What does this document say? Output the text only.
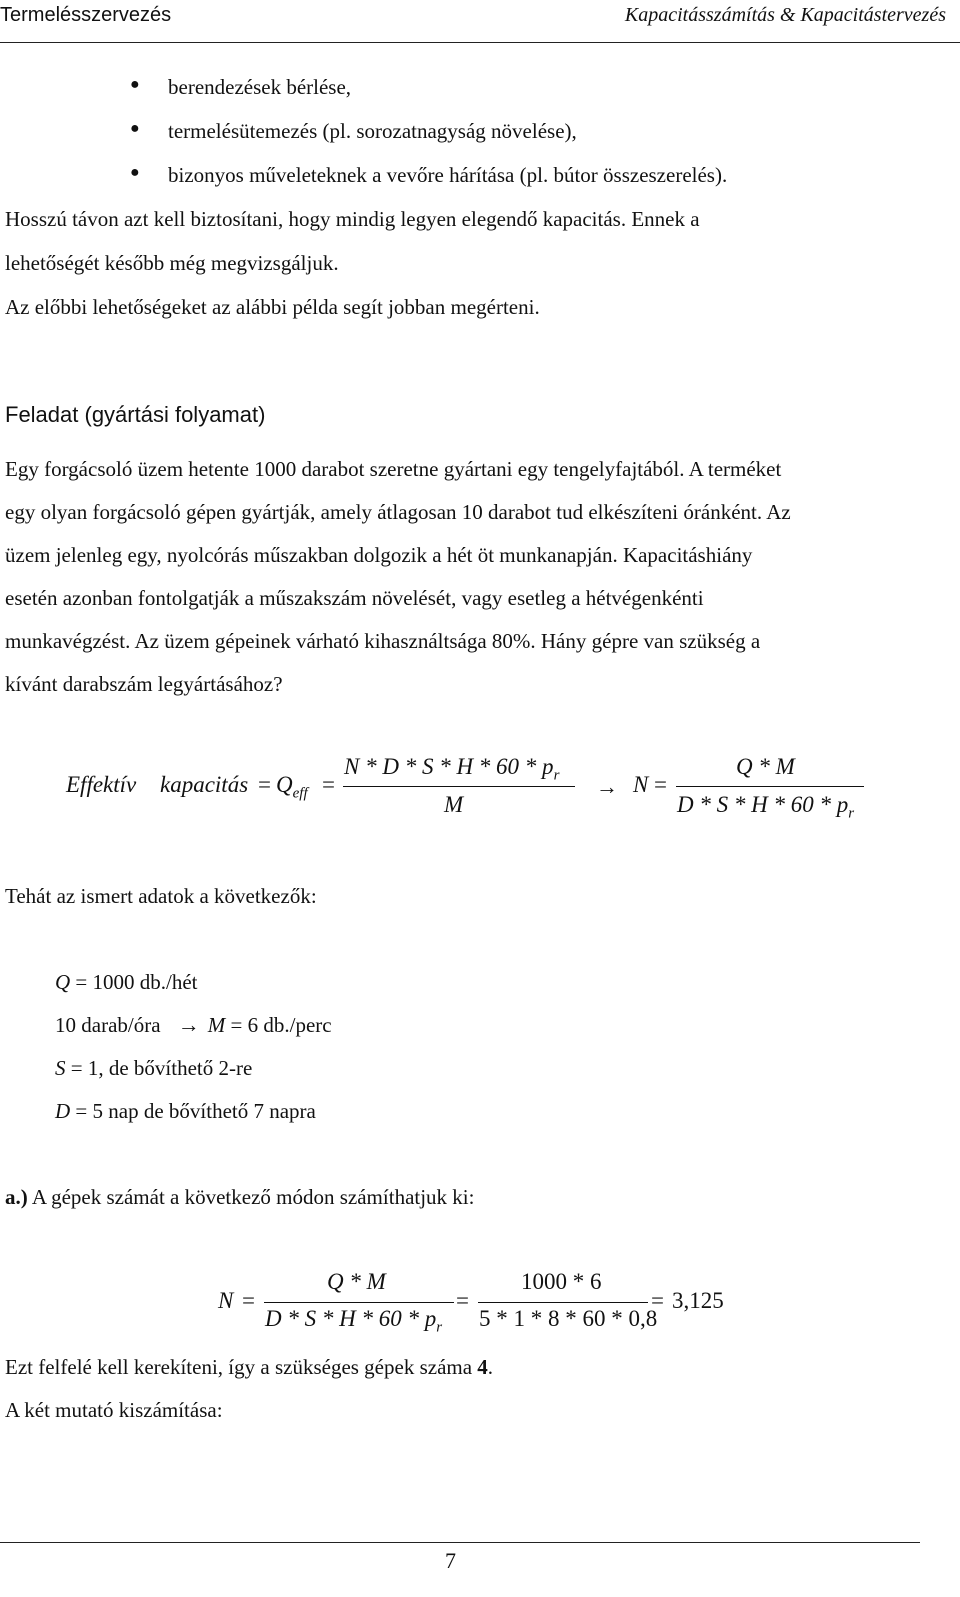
Termelésszervezés	Kapacitásszámítás & Kapacitástervezés
● berendezések bérlése,
● termelésütemezés (pl. sorozatnagyság növelése),
● bizonyos műveleteknek a vevőre hárítása (pl. bútor összeszerelés).
Hosszú távon azt kell biztosítani, hogy mindig legyen elegendő kapacitás. Ennek a
lehetőségét később még megvizsgáljuk.
Az előbbi lehetőségeket az alábbi példa segít jobban megérteni.
Feladat (gyártási folyamat)
Egy forgácsoló üzem hetente 1000 darabot szeretne gyártani egy tengelyfajtából. A terméket
egy olyan forgácsoló gépen gyártják, amely átlagosan 10 darabot tud elkészíteni óránként. Az
üzem jelenleg egy, nyolcórás műszakban dolgozik a hét öt munkanapján. Kapacitáshiány
esetén azonban fontolgatják a műszakszám növelését, vagy esetleg a hétvégenkénti
munkavégzést. Az üzem gépeinek várható kihasználtsága 80%. Hány gépre van szükség a
kívánt darabszám legyártásához?
Effektív kapacitás = $Q_{eff}$ =
N * D * S * H * $60 * p_r$
M
→ N =
Q * M
D * S * H * $60 * p_r$
Tehát az ismert adatok a következők:
Q = 1000 db./hét
10 darab/óra → M = 6 db./perc
S = 1, de bővíthető 2-re
D = 5 nap de bővíthető 7 napra
a.) A gépek számát a következő módon számíthatjuk ki:
N =
Q * M
D * S * H * $60 * p_r$
=
1000 * 6
5 * 1 * 8 * 60 * 0,8
= 3,125
Ezt felfelé kell kerekíteni, így a szükséges gépek száma 4.
A két mutató kiszámítása:
7
